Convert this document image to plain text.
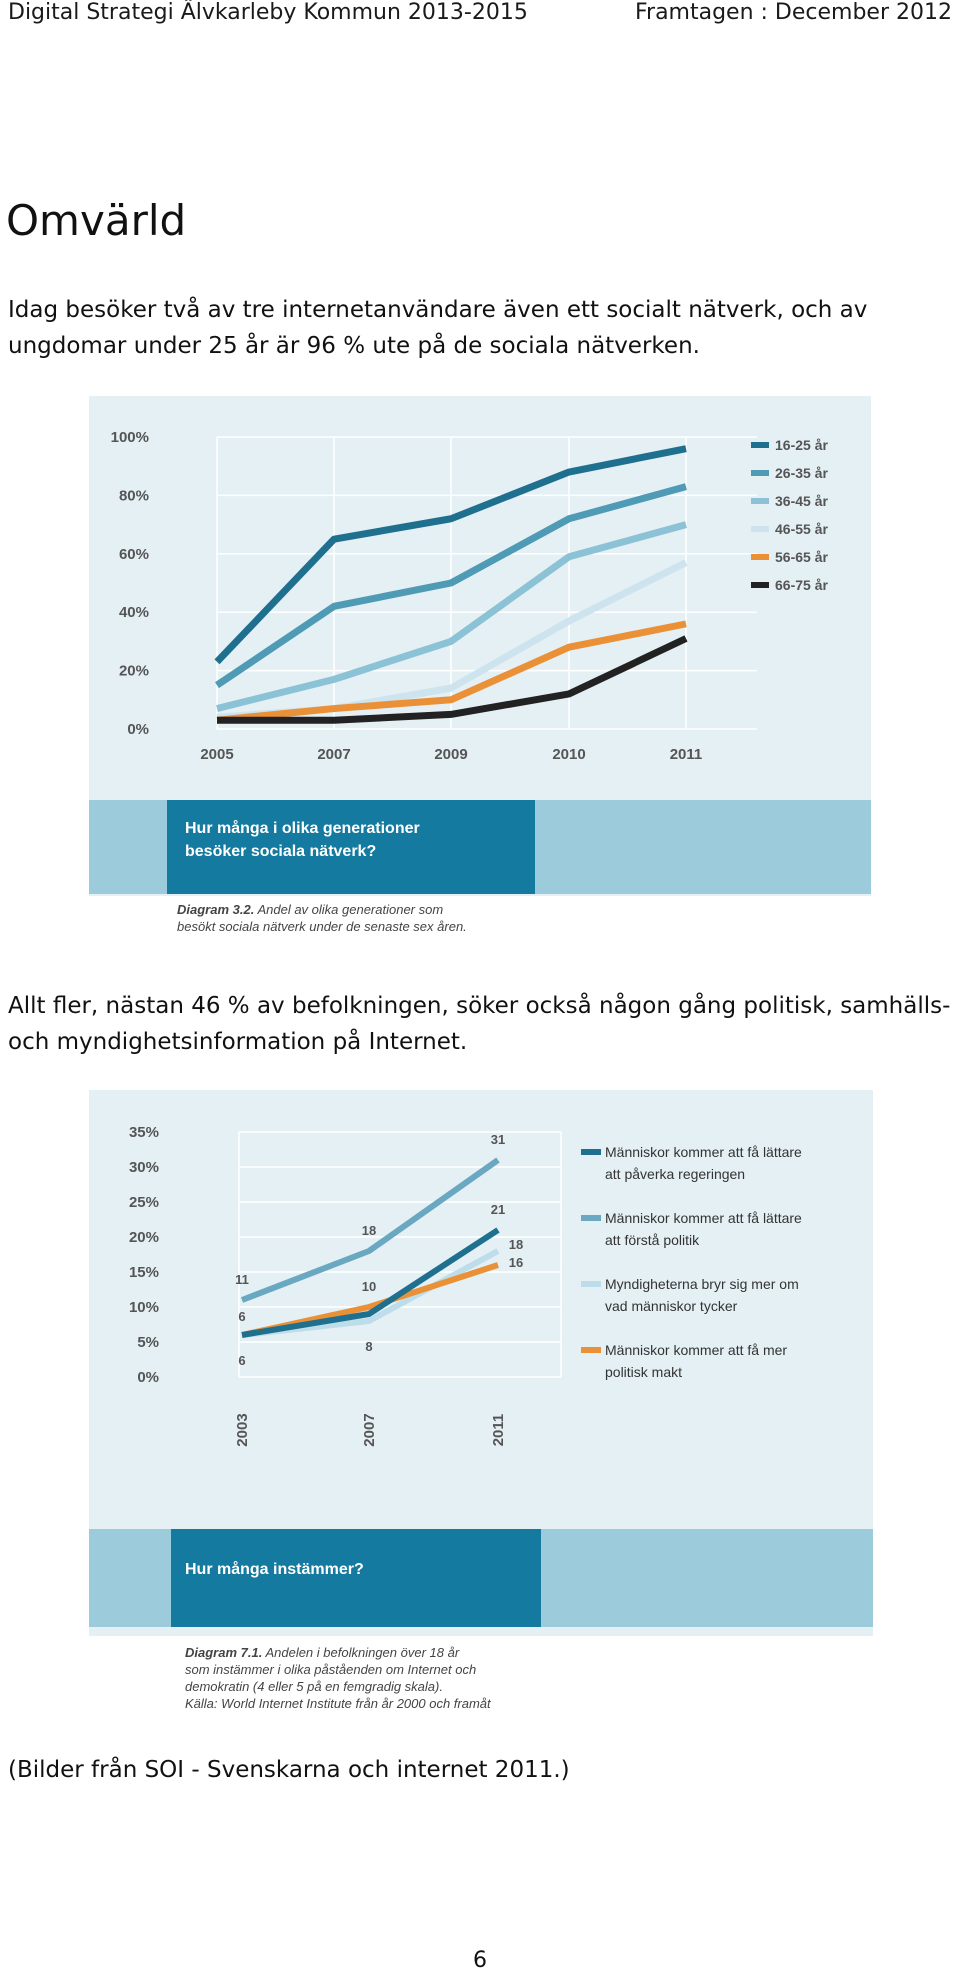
Digital Strategi Älvkarleby Kommun 2013-2015	Framtagen : December 2012
Omvärld
Idag besöker två av tre internetanvändare även ett socialt nätverk, och av
ungdomar under 25 år är 96 % ute på de sociala nätverken.
100%
80%
60%
40%
20%
0%
2005	2007	2009	2010	2011
16-25 år
26-35 år
36-45 år
46-55 år
56-65 år
66-75 år
Hur många i olika generationer besöker sociala nätverk?
Diagram 3.2. Andel av olika generationer som besökt sociala nätverk under de senaste sex åren.
Allt fler, nästan 46 % av befolkningen, söker också någon gång politisk, samhälls-
och myndighetsinformation på Internet.
35%
30%
25%
20%
15%
10%
5%
0%
2003	2007	2011
11
6
6
18
10
8
31
21
18
16
Människor kommer att få lättare att påverka regeringen
Människor kommer att få lättare att förstå politik
Myndigheterna bryr sig mer om vad människor tycker
Människor kommer att få mer politisk makt
Hur många instämmer?
Diagram 7.1. Andelen i befolkningen över 18 år som instämmer i olika påståenden om Internet och demokratin (4 eller 5 på en femgradig skala). Källa: World Internet Institute från år 2000 och framåt
(Bilder från SOI - Svenskarna och internet 2011.)
6
